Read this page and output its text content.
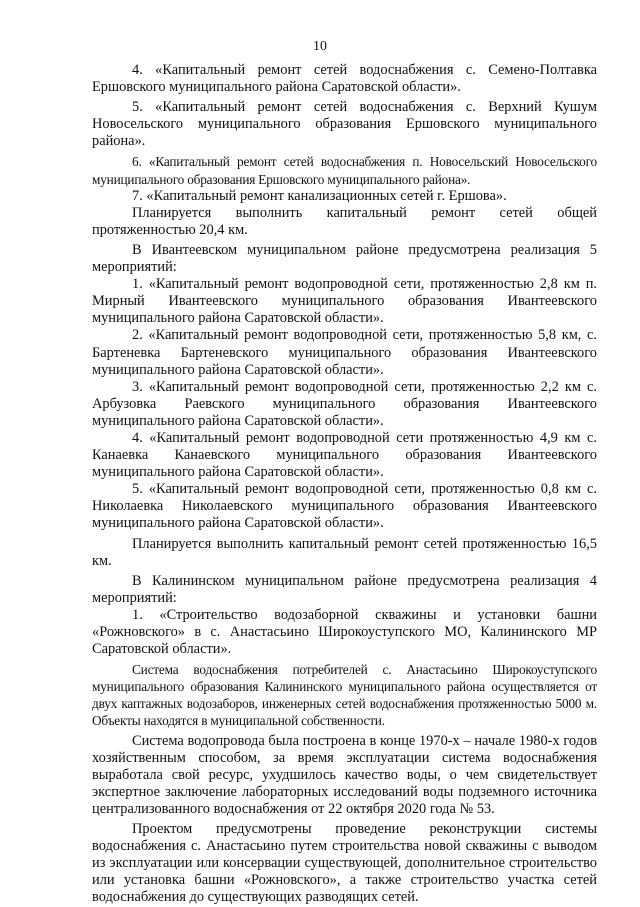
10

4. «Капитальный ремонт сетей водоснабжения с. Семено-Полтавка Ершовского муниципального района Саратовской области».

5. «Капитальный ремонт сетей водоснабжения с. Верхний Кушум Новосельского муниципального образования Ершовского муниципального района».

6. «Капитальный ремонт сетей водоснабжения п. Новосельский Новосельского муниципального образования Ершовского муниципального района».

7. «Капитальный ремонт канализационных сетей г. Ершова».

Планируется выполнить капитальный ремонт сетей общей протяженностью 20,4 км.

В Ивантеевском муниципальном районе предусмотрена реализация 5 мероприятий:

1. «Капитальный ремонт водопроводной сети, протяженностью 2,8 км п. Мирный Ивантеевского муниципального образования Ивантеевского муниципального района Саратовской области».

2. «Капитальный ремонт водопроводной сети, протяженностью 5,8 км, с. Бартеневка Бартеневского муниципального образования Ивантеевского муниципального района Саратовской области».

3. «Капитальный ремонт водопроводной сети, протяженностью 2,2 км с. Арбузовка Раевского муниципального образования Ивантеевского муниципального района Саратовской области».

4. «Капитальный ремонт водопроводной сети протяженностью 4,9 км с. Канаевка Канаевского муниципального образования Ивантеевского муниципального района Саратовской области».

5. «Капитальный ремонт водопроводной сети, протяженностью 0,8 км с. Николаевка Николаевского муниципального образования Ивантеевского муниципального района Саратовской области».

Планируется выполнить капитальный ремонт сетей протяженностью 16,5 км.

В Калининском муниципальном районе предусмотрена реализация 4 мероприятий:

1. «Строительство водозаборной скважины и установки башни «Рожновского» в с. Анастасьино Широкоуступского МО, Калининского МР Саратовской области».

Система водоснабжения потребителей с. Анастасьино Широкоуступского муниципального образования Калининского муниципального района осуществляется от двух каптажных водозаборов, инженерных сетей водоснабжения протяженностью 5000 м. Объекты находятся в муниципальной собственности.

Система водопровода была построена в конце 1970-х – начале 1980-х годов хозяйственным способом, за время эксплуатации система водоснабжения выработала свой ресурс, ухудшилось качество воды, о чем свидетельствует экспертное заключение лабораторных исследований воды подземного источника централизованного водоснабжения от 22 октября 2020 года № 53.

Проектом предусмотрены проведение реконструкции системы водоснабжения с. Анастасьино путем строительства новой скважины с выводом из эксплуатации или консервации существующей, дополнительное строительство или установка башни «Рожновского», а также строительство участка сетей водоснабжения до существующих разводящих сетей.
